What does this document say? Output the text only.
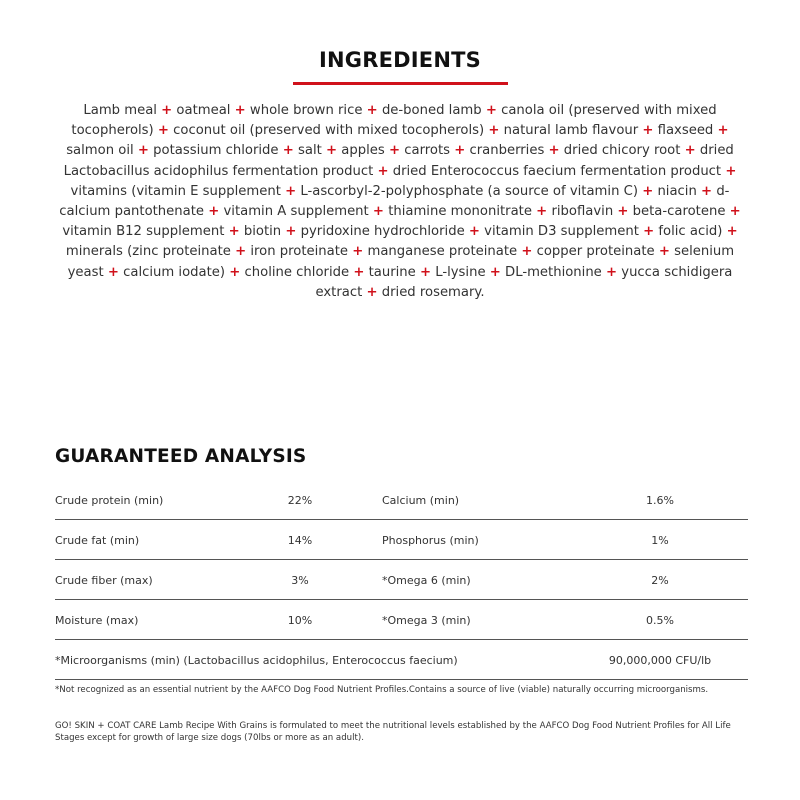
INGREDIENTS
Lamb meal + oatmeal + whole brown rice + de-boned lamb + canola oil (preserved with mixed tocopherols) + coconut oil (preserved with mixed tocopherols) + natural lamb flavour + flaxseed + salmon oil + potassium chloride + salt + apples + carrots + cranberries + dried chicory root + dried Lactobacillus acidophilus fermentation product + dried Enterococcus faecium fermentation product + vitamins (vitamin E supplement + L-ascorbyl-2-polyphosphate (a source of vitamin C) + niacin + d-calcium pantothenate + vitamin A supplement + thiamine mononitrate + riboflavin + beta-carotene + vitamin B12 supplement + biotin + pyridoxine hydrochloride + vitamin D3 supplement + folic acid) + minerals (zinc proteinate + iron proteinate + manganese proteinate + copper proteinate + selenium yeast + calcium iodate) + choline chloride + taurine + L-lysine + DL-methionine + yucca schidigera extract + dried rosemary.
GUARANTEED ANALYSIS
Crude protein (min)	22%	Calcium (min)	1.6%
Crude fat (min)	14%	Phosphorus (min)	1%
Crude fiber (max)	3%	*Omega 6 (min)	2%
Moisture (max)	10%	*Omega 3 (min)	0.5%
*Microorganisms (min) (Lactobacillus acidophilus, Enterococcus faecium)	90,000,000 CFU/lb
*Not recognized as an essential nutrient by the AAFCO Dog Food Nutrient Profiles.Contains a source of live (viable) naturally occurring microorganisms.
GO! SKIN + COAT CARE Lamb Recipe With Grains is formulated to meet the nutritional levels established by the AAFCO Dog Food Nutrient Profiles for All Life Stages except for growth of large size dogs (70lbs or more as an adult).
